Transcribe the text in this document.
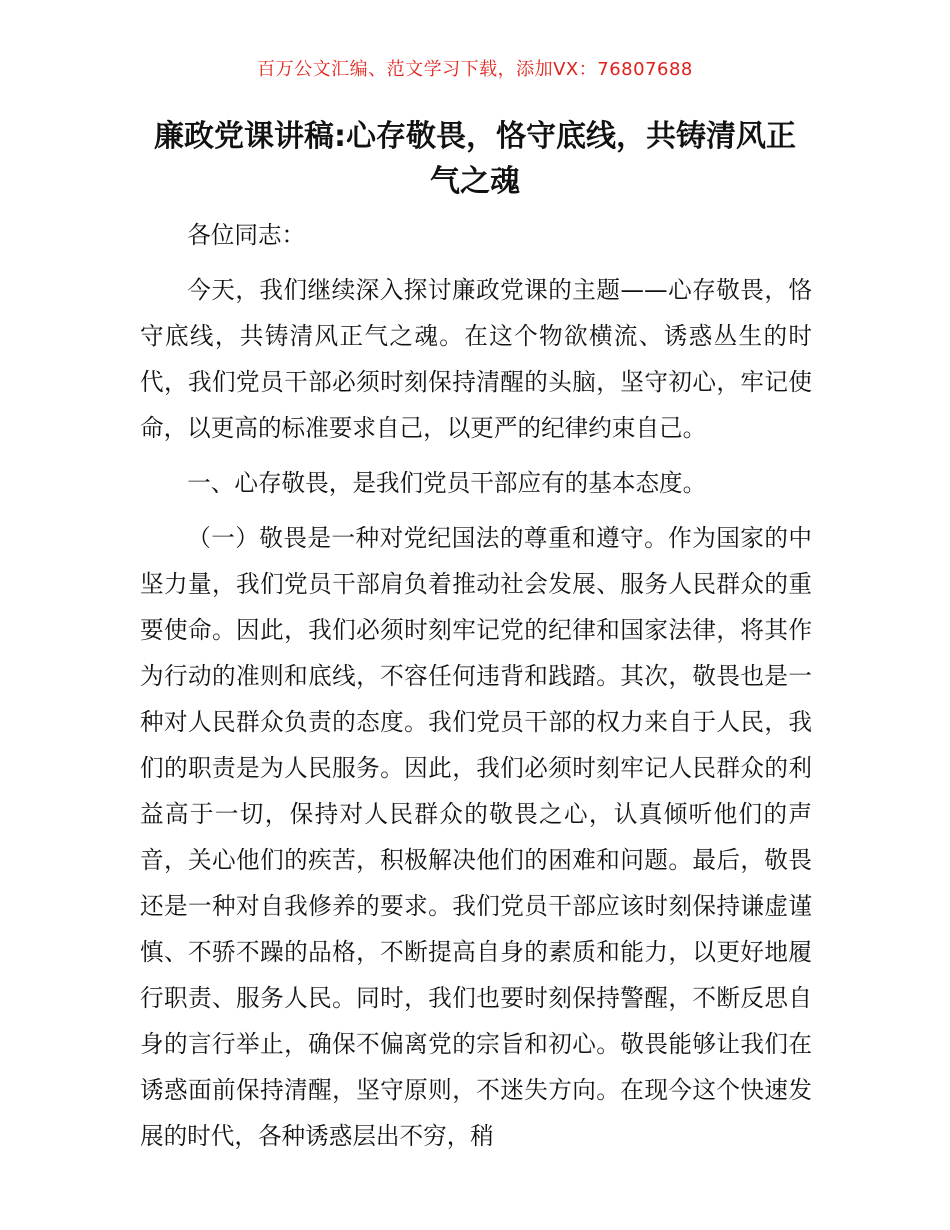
百万公文汇编、范文学习下载，添加VX：76807688
廉政党课讲稿:心存敬畏，恪守底线，共铸清风正气之魂

各位同志：

今天，我们继续深入探讨廉政党课的主题——心存敬畏，恪守底线，共铸清风正气之魂。在这个物欲横流、诱惑丛生的时代，我们党员干部必须时刻保持清醒的头脑，坚守初心，牢记使命，以更高的标准要求自己，以更严的纪律约束自己。

一、心存敬畏，是我们党员干部应有的基本态度。

（一）敬畏是一种对党纪国法的尊重和遵守。作为国家的中坚力量，我们党员干部肩负着推动社会发展、服务人民群众的重要使命。因此，我们必须时刻牢记党的纪律和国家法律，将其作为行动的准则和底线，不容任何违背和践踏。其次，敬畏也是一种对人民群众负责的态度。我们党员干部的权力来自于人民，我们的职责是为人民服务。因此，我们必须时刻牢记人民群众的利益高于一切，保持对人民群众的敬畏之心，认真倾听他们的声音，关心他们的疾苦，积极解决他们的困难和问题。最后，敬畏还是一种对自我修养的要求。我们党员干部应该时刻保持谦虚谨慎、不骄不躁的品格，不断提高自身的素质和能力，以更好地履行职责、服务人民。同时，我们也要时刻保持警醒，不断反思自身的言行举止，确保不偏离党的宗旨和初心。敬畏能够让我们在诱惑面前保持清醒，坚守原则，不迷失方向。在现今这个快速发展的时代，各种诱惑层出不穷，稍
